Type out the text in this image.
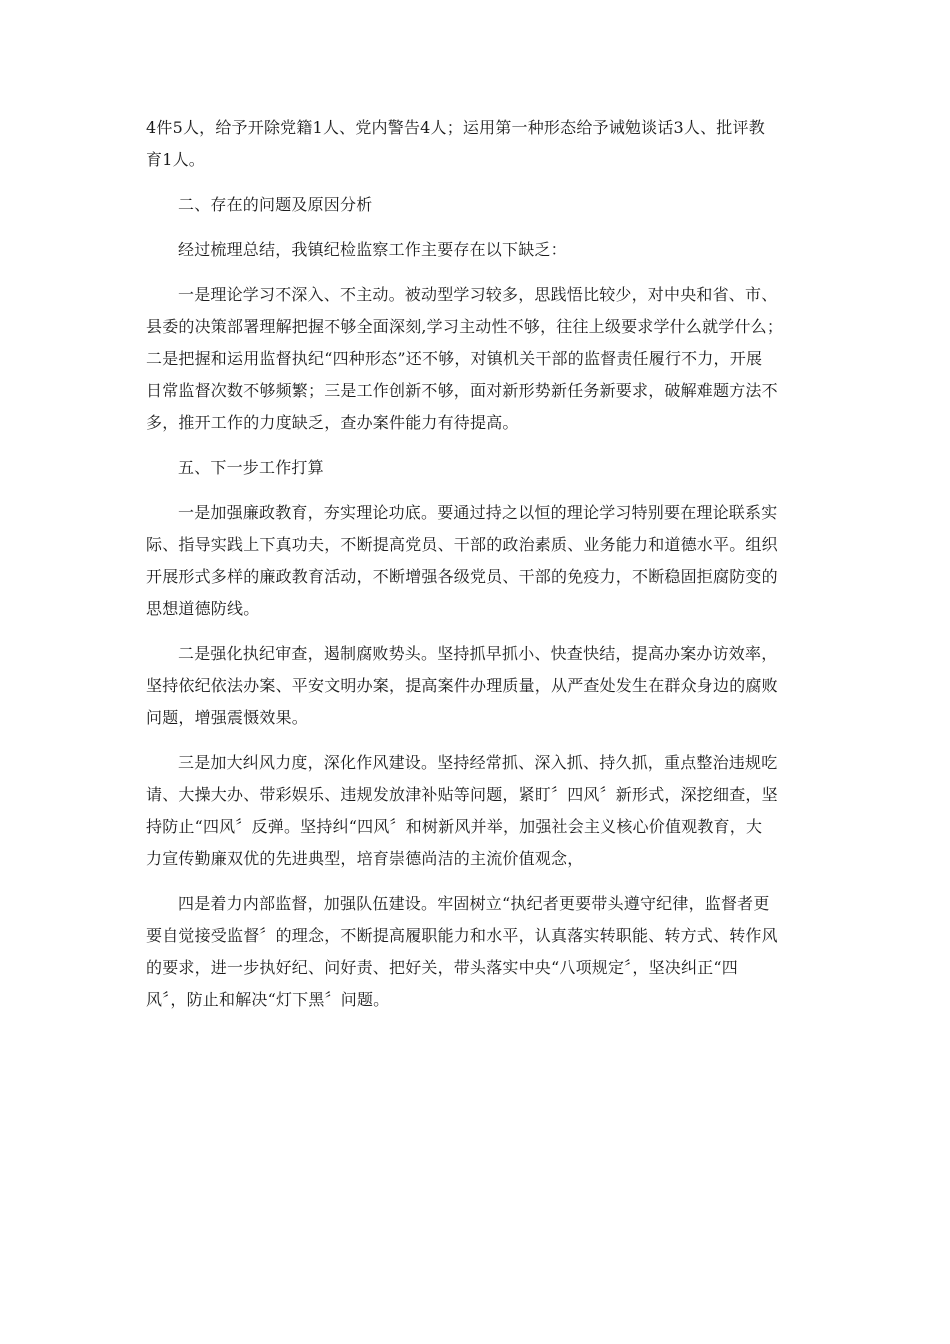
4件5人，给予开除党籍1人、党内警告4人；运用第一种形态给予诫勉谈话3人、批评教
育1人。

二、存在的问题及原因分析

经过梳理总结，我镇纪检监察工作主要存在以下缺乏：

一是理论学习不深入、不主动。被动型学习较多，思践悟比较少，对中央和省、市、
县委的决策部署理解把握不够全面深刻,学习主动性不够，往往上级要求学什么就学什么；
二是把握和运用监督执纪“四种形态”还不够，对镇机关干部的监督责任履行不力，开展
日常监督次数不够频繁；三是工作创新不够，面对新形势新任务新要求，破解难题方法不
多，推开工作的力度缺乏，查办案件能力有待提高。

五、下一步工作打算

一是加强廉政教育，夯实理论功底。要通过持之以恒的理论学习特别要在理论联系实
际、指导实践上下真功夫，不断提高党员、干部的政治素质、业务能力和道德水平。组织
开展形式多样的廉政教育活动，不断增强各级党员、干部的免疫力，不断稳固拒腐防变的
思想道德防线。

二是强化执纪审查，遏制腐败势头。坚持抓早抓小、快查快结，提高办案办访效率，
坚持依纪依法办案、平安文明办案，提高案件办理质量，从严查处发生在群众身边的腐败
问题，增强震慑效果。

三是加大纠风力度，深化作风建设。坚持经常抓、深入抓、持久抓，重点整治违规吃
请、大操大办、带彩娱乐、违规发放津补贴等问题，紧盯〞四风〞新形式，深挖细查，坚
持防止“四风〞反弹。坚持纠“四风〞和树新风并举，加强社会主义核心价值观教育，大
力宣传勤廉双优的先进典型，培育崇德尚洁的主流价值观念，

四是着力内部监督，加强队伍建设。牢固树立“执纪者更要带头遵守纪律，监督者更
要自觉接受监督〞的理念，不断提高履职能力和水平，认真落实转职能、转方式、转作风
的要求，进一步执好纪、问好责、把好关，带头落实中央“八项规定〞，坚决纠正“四
风〞，防止和解决“灯下黑〞问题。
